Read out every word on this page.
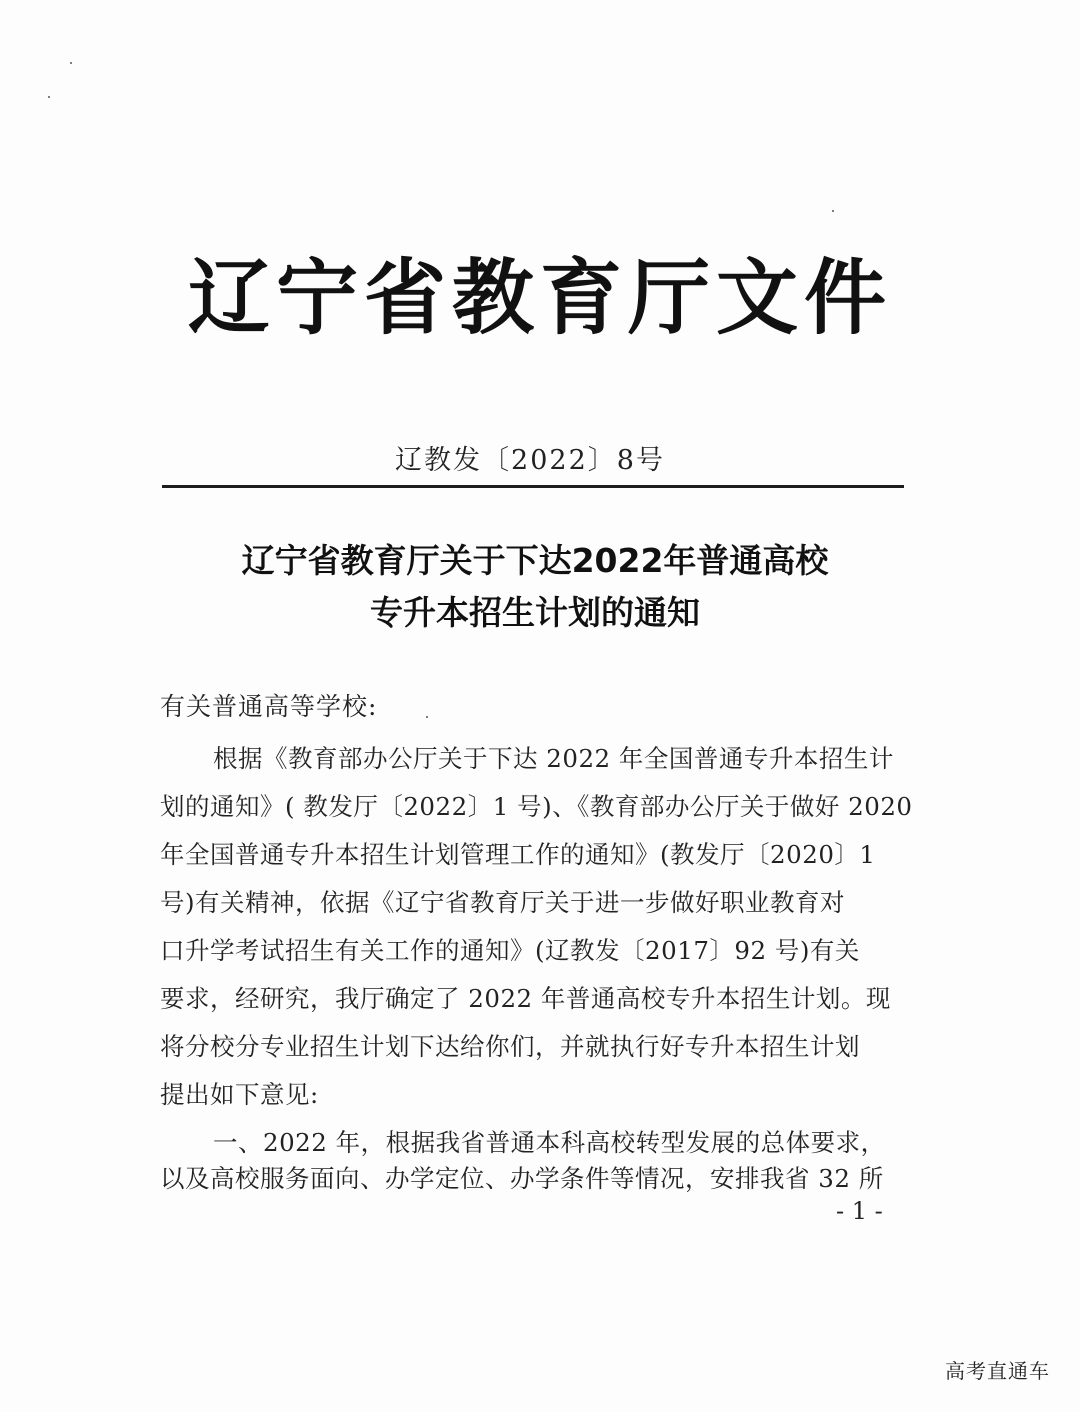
辽宁省教育厅文件
辽教发〔2022〕8号
辽宁省教育厅关于下达2022年普通高校
专升本招生计划的通知
有关普通高等学校:
根据《教育部办公厅关于下达 2022 年全国普通专升本招生计
划的通知》( 教发厅〔2022〕1 号)、《教育部办公厅关于做好 2020
年全国普通专升本招生计划管理工作的通知》(教发厅〔2020〕1
号)有关精神，依据《辽宁省教育厅关于进一步做好职业教育对
口升学考试招生有关工作的通知》(辽教发〔2017〕92 号)有关
要求，经研究，我厅确定了 2022 年普通高校专升本招生计划。现
将分校分专业招生计划下达给你们，并就执行好专升本招生计划
提出如下意见:
一、2022 年，根据我省普通本科高校转型发展的总体要求，
以及高校服务面向、办学定位、办学条件等情况，安排我省 32 所
- 1 -
高考直通车
